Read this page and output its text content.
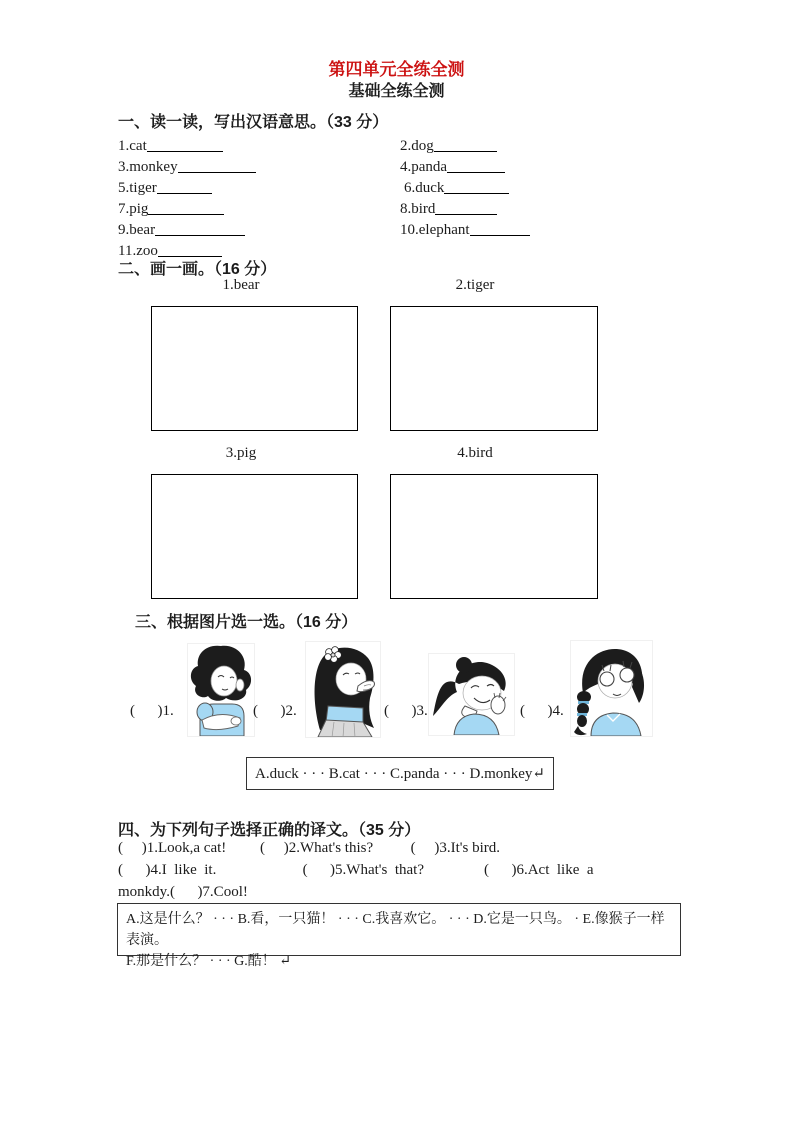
第四单元全练全测
基础全练全测
一、读一读，写出汉语意思。（33 分）
1.cat	2.dog
3.monkey	4.panda
5.tiger	6.duck
7.pig	8.bird
9.bear	10.elephant
11.zoo
二、画一画。（16 分）
1.bear	2.tiger
3.pig	4.bird
三、根据图片选一选。（16 分）
(      )1.	(      )2.	(      )3.	(      )4.
A.duck · · · B.cat · · · C.panda · · · D.monkey↵
四、为下列句子选择正确的译文。（35 分）
(     )1.Look,a cat!         (     )2.What's this?          (     )3.It's bird.
(      )4.I  like  it.                       (      )5.What's  that?                (      )6.Act  like  a
monkdy.(      )7.Cool!
A.这是什么？ · · · B.看，一只猫！ · · · C.我喜欢它。 · · · D.它是一只鸟。 · E.像猴子一样表演。
F.那是什么？ · · · G.酷！ ↵
